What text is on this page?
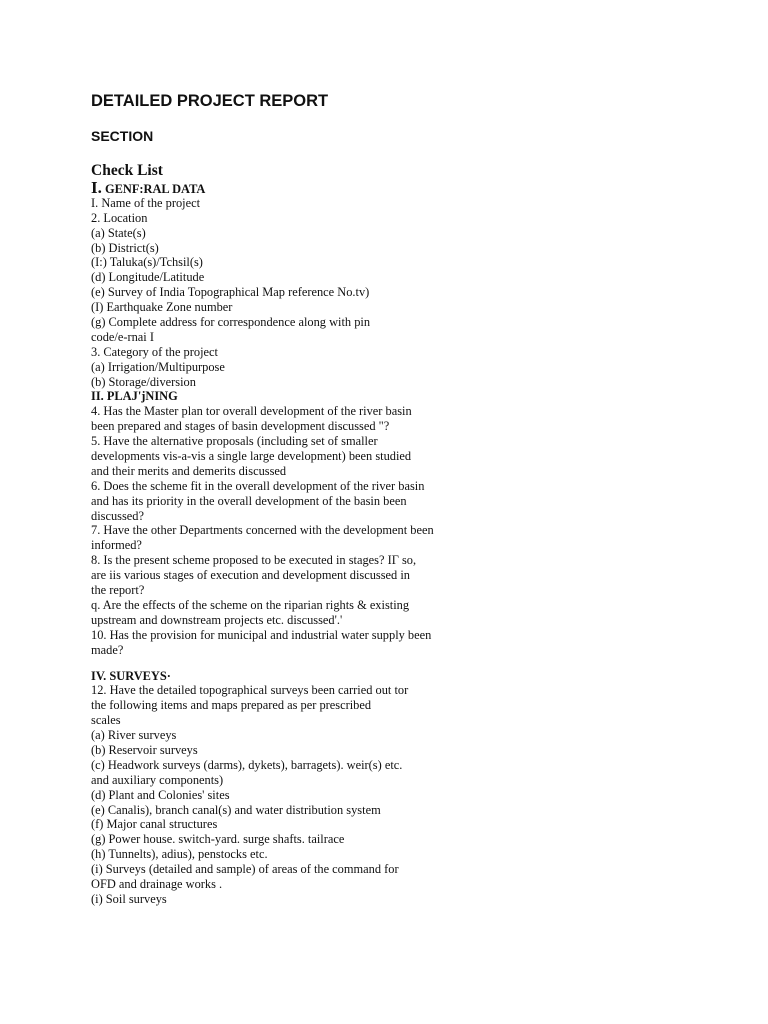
DETAILED PROJECT REPORT
SECTION
Check List
I. GENF:RAL DATA
I. Name of the project
2. Location
(a) State(s)
(b) District(s)
(I:) Taluka(s)/Tchsil(s)
(d) Longitude/Latitude
(e) Survey of India Topographical Map reference No.tv)
(I) Earthquake Zone number
(g) Complete address for correspondence along with pin
code/e-rnai I
3. Category of the project
(a) Irrigation/Multipurpose
(b) Storage/diversion
II. PLAJ'jNING
4. Has the Master plan tor overall development of the river basin
been prepared and stages of basin development discussed "?
5. Have the alternative proposals (including set of smaller
developments vis-a-vis a single large development) been studied
and their merits and demerits discussed
6. Does the scheme fit in the overall development of the river basin
and has its priority in the overall development of the basin been
discussed?
7. Have the other Departments concerned with the development been
informed?
8. Is the present scheme proposed to be executed in stages? IΓ so,
are iis various stages of execution and development discussed in
the report?
q. Are the effects of the scheme on the riparian rights & existing
upstream and downstream projects etc. discussed'.'
10. Has the provision for municipal and industrial water supply been
made?
IV. SURVEYS·
12. Have the detailed topographical surveys been carried out tor
the following items and maps prepared as per prescribed
scales
(a) River surveys
(b) Reservoir surveys
(c) Headwork surveys (darms), dykets), barragets). weir(s) etc.
and auxiliary components)
(d) Plant and Colonies' sites
(e) Canalis), branch canal(s) and water distribution system
(f) Major canal structures
(g) Power house. switch-yard. surge shafts. tailrace
(h) Tunnelts), adius), penstocks etc.
(i) Surveys (detailed and sample) of areas of the command for
OFD and drainage works .
(i) Soil surveys
